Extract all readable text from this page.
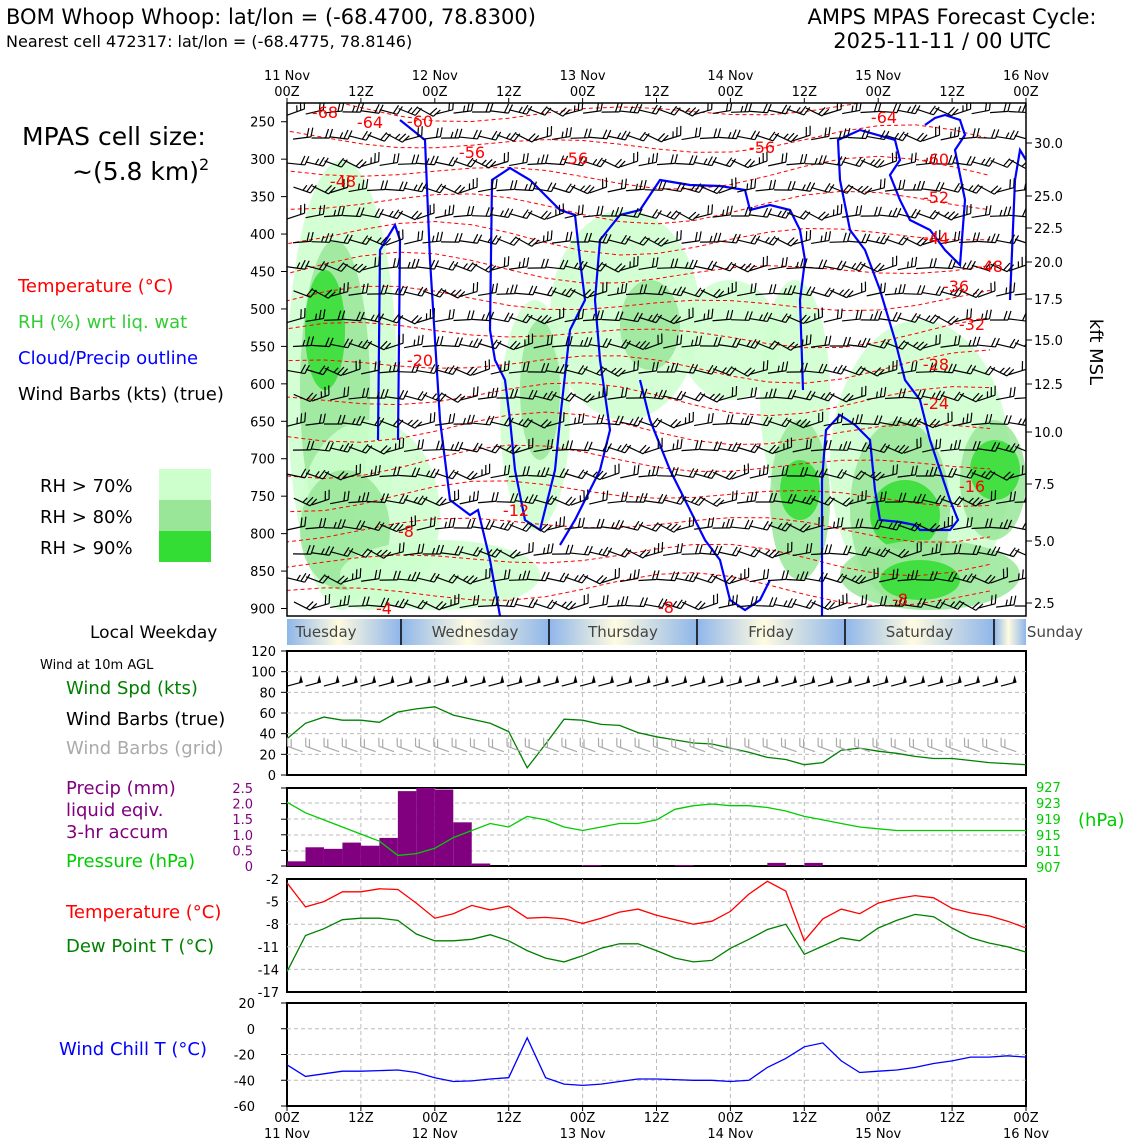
BOM Whoop Whoop: lat/lon = (-68.4700, 78.8300)
Nearest cell 472317: lat/lon = (-68.4775, 78.8146)
AMPS MPAS Forecast Cycle:
2025-11-11 / 00 UTC
MPAS cell size:
~(5.8 km)$^2$
Temperature (°C)
RH (%) wrt liq. wat
Cloud/Precip outline
Wind Barbs (kts) (true)
RH > 70%
RH > 80%
RH > 90%
Local Weekday
Wind at 10m AGL
Wind Spd (kts)
Wind Barbs (true)
Wind Barbs (grid)
Precip (mm)
liquid eqiv.
3-hr accum
Pressure (hPa)
Temperature (°C)
Dew Point T (°C)
Wind Chill T (°C)
kft MSL
(hPa)
-68
-64 -60
-56	-56
-56
-64
-60
-52
-48
-44
-36
-32
-28
-24
-20
-16
-12
-8
-8	-8
-48
-4
250
300
350
400
450
500
550
600
650
700
750
800
850
900
30.0
25.0
22.5
20.0
17.5
15.0
12.5
10.0
7.5
5.0
2.5
11 Nov
00Z	12Z
12 Nov
00Z	12Z
13 Nov
00Z	12Z
14 Nov
00Z	12Z
15 Nov
00Z	12Z
16 Nov
00Z
Tuesday	Wednesday	Thursday	Friday	Saturday	Sunday
0
20
40
60
80
100
120
0
0.5
1.0
1.5
2.0
2.5
907
911
915
919
923
927
-2
-5
-8
-11
-14
-17
20
0
-20
-40
-60
00Z
11 Nov
12Z	00Z
12 Nov
12Z	00Z
13 Nov
12Z	00Z
14 Nov
12Z	00Z
15 Nov
12Z	00Z
16 Nov
